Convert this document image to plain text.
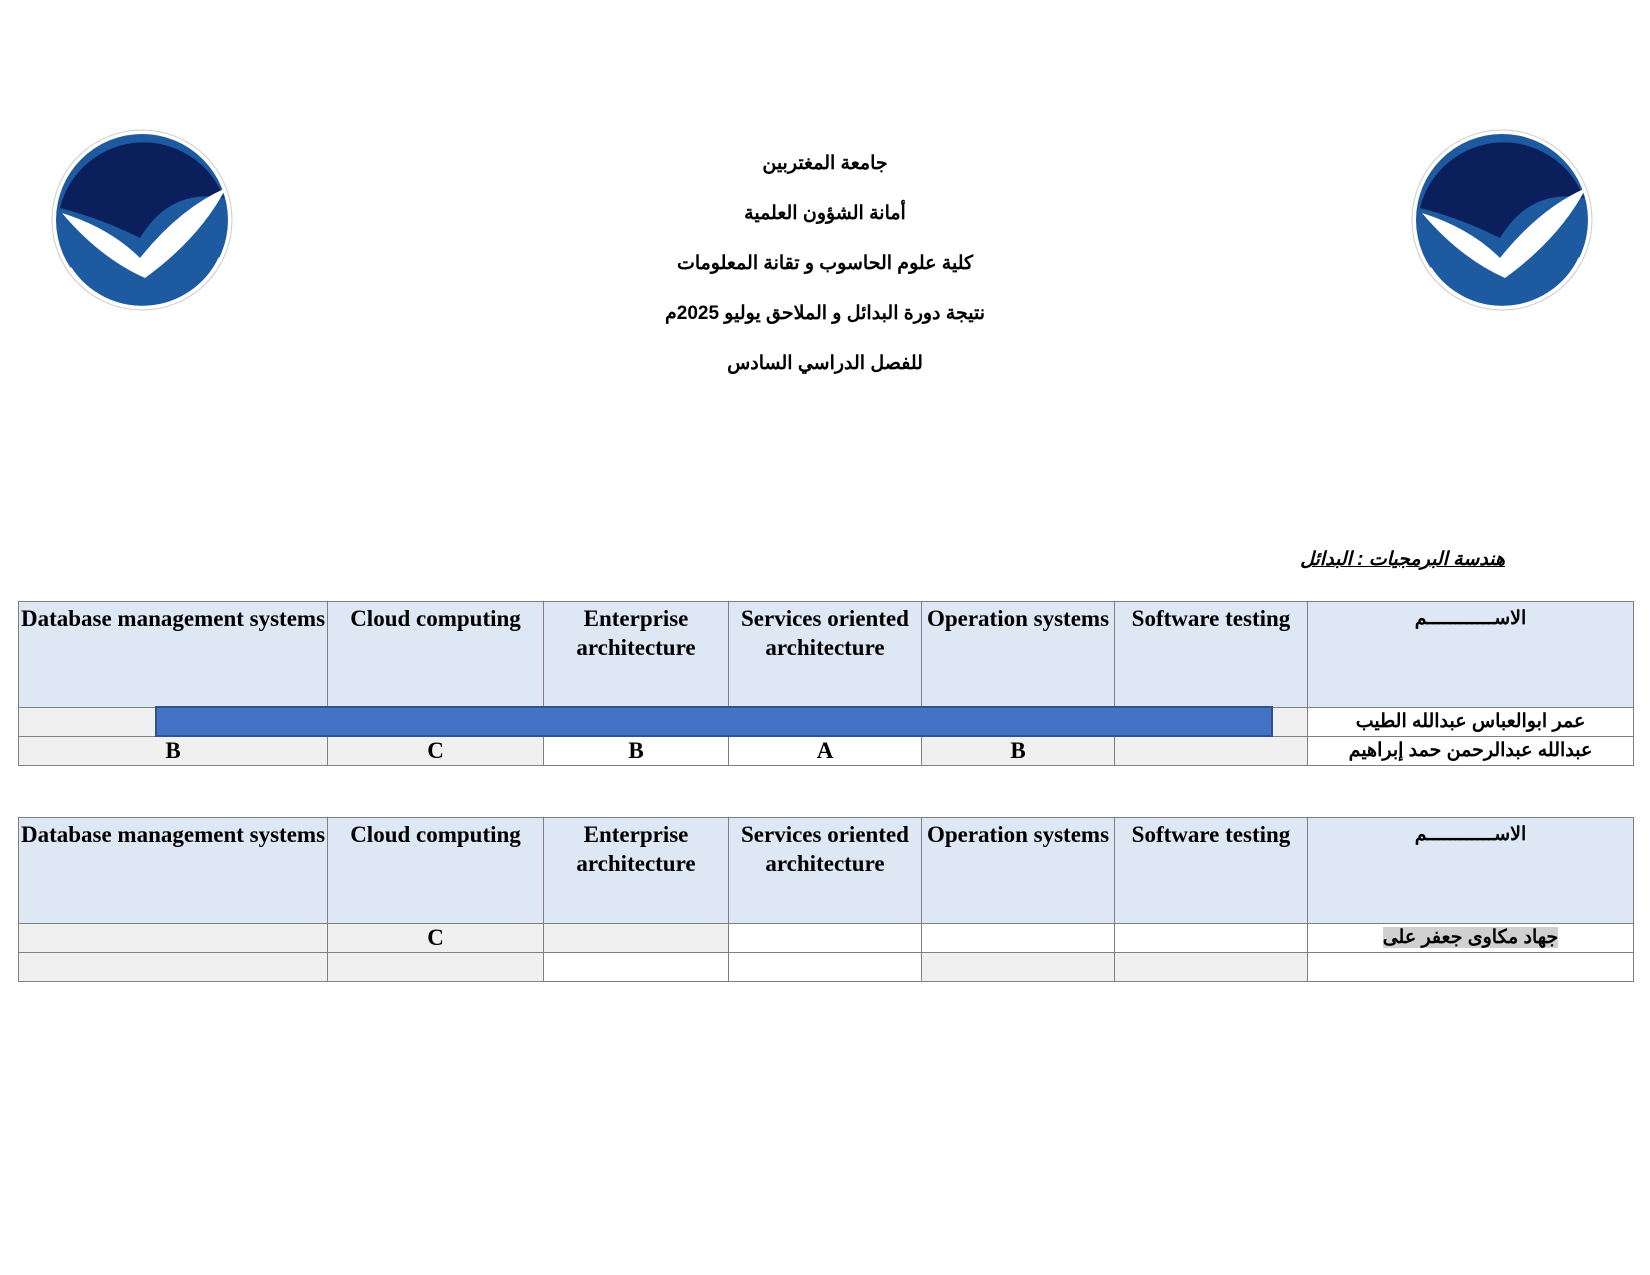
جامعة المغتربين
أمانة الشؤون العلمية
كلية علوم الحاسوب و تقانة المعلومات
نتيجة دورة البدائل و الملاحق يوليو 2025م
للفصل الدراسي السادس
هندسة البرمجيات : البدائل
Database management systems	Cloud computing	Enterprise architecture	Services oriented architecture	Operation systems	Software testing	الاســــــــــــم
						عمر ابوالعباس عبدالله الطيب
B	C	B	A	B		عبدالله عبدالرحمن حمد إبراهيم
Database management systems	Cloud computing	Enterprise architecture	Services oriented architecture	Operation systems	Software testing	الاســــــــــــم
	C					جهاد مكاوى جعفر على
